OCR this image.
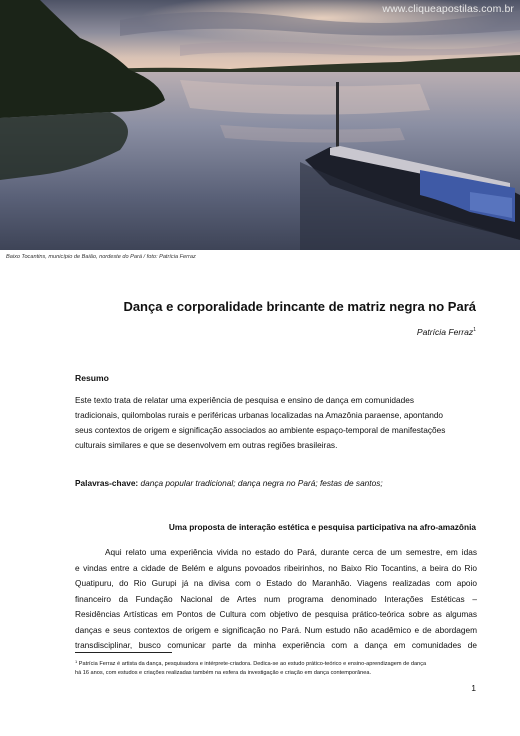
www.cliqueapostilas.com.br
Baixo Tocantins, município de Baião, nordeste do Pará / foto: Patrícia Ferraz
Dança e corporalidade brincante de matriz negra no Pará
Patrícia Ferraz$^1$
Resumo

Este texto trata de relatar uma experiência de pesquisa e ensino de dança em comunidades
tradicionais, quilombolas rurais e periféricas urbanas localizadas na Amazônia paraense, apontando
seus contextos de origem e significação associados ao ambiente espaço-temporal de manifestações
culturais similares e que se desenvolvem em outras regiões brasileiras.

Palavras-chave: dança popular tradicional; dança negra no Pará; festas de santos;
Uma proposta de interação estética e pesquisa participativa na afro-amazônia

Aqui relato uma experiência vivida no estado do Pará, durante cerca de um semestre, em idas
e vindas entre a cidade de Belém e alguns povoados ribeirinhos, no Baixo Rio Tocantins, a beira do Rio
Quatipuru, do Rio Gurupi já na divisa com o Estado do Maranhão. Viagens realizadas com apoio
financeiro da Fundação Nacional de Artes num programa denominado Interações Estéticas –
Residências Artísticas em Pontos de Cultura com objetivo de pesquisa prático-teórica sobre as algumas
danças e seus contextos de origem e significação no Pará. Num estudo não acadêmico e de abordagem
transdisciplinar, busco comunicar parte da minha experiência com a dança em comunidades de

$^1$ Patrícia Ferraz é artista da dança, pesquisadora e intérprete-criadora. Dedica-se ao estudo prático-teórico e ensino-aprendizagem de dança
há 16 anos, com estudos e criações realizadas também na esfera da investigação e criação em dança contemporânea.
1
